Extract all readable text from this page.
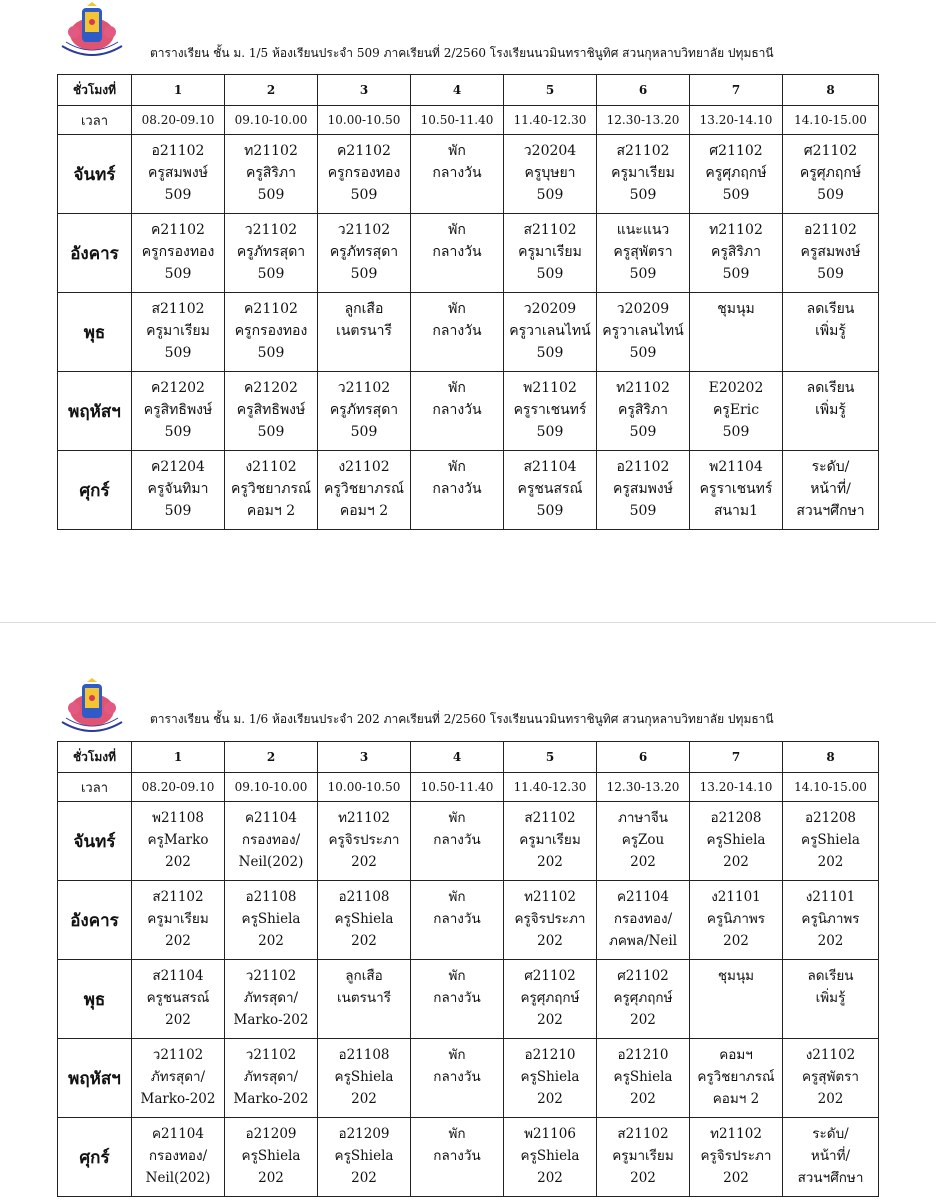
ตารางเรียน ชั้น ม. 1/5 ห้องเรียนประจำ 509 ภาคเรียนที่ 2/2560 โรงเรียนนวมินทราชินูทิศ สวนกุหลาบวิทยาลัย ปทุมธานี
ชั่วโมงที่	1	2	3	4	5	6	7	8
เวลา	08.20-09.10	09.10-10.00	10.00-10.50	10.50-11.40	11.40-12.30	12.30-13.20	13.20-14.10	14.10-15.00
จันทร์	อ21102
ครูสมพงษ์
509	ท21102
ครูสิริภา
509	ค21102
ครูกรองทอง
509	พัก
กลางวัน	ว20204
ครูบุษยา
509	ส21102
ครูมาเรียม
509	ศ21102
ครูศุภฤกษ์
509	ศ21102
ครูศุภฤกษ์
509

อังคาร	ค21102
ครูกรองทอง
509	ว21102
ครูภัทรสุดา
509	ว21102
ครูภัทรสุดา
509	พัก
กลางวัน	ส21102
ครูมาเรียม
509	แนะแนว
ครูสุพัตรา
509	ท21102
ครูสิริภา
509	อ21102
ครูสมพงษ์
509

พุธ	ส21102
ครูมาเรียม
509	ค21102
ครูกรองทอง
509	ลูกเสือ
เนตรนารี	พัก
กลางวัน	ว20209
ครูวาเลนไทน์
509	ว20209
ครูวาเลนไทน์
509	ชุมนุม	ลดเรียน
เพิ่มรู้

พฤหัสฯ	ค21202
ครูสิทธิพงษ์
509	ค21202
ครูสิทธิพงษ์
509	ว21102
ครูภัทรสุดา
509	พัก
กลางวัน	พ21102
ครูราเชนทร์
509	ท21102
ครูสิริภา
509	E20202
ครูEric
509	ลดเรียน
เพิ่มรู้

ศุกร์	ค21204
ครูจันทิมา
509	ง21102
ครูวิชยาภรณ์
คอมฯ 2	ง21102
ครูวิชยาภรณ์
คอมฯ 2	พัก
กลางวัน	ส21104
ครูชนสรณ์
509	อ21102
ครูสมพงษ์
509	พ21104
ครูราเชนทร์
สนาม1	ระดับ/
หน้าที่/
สวนฯศึกษา
ตารางเรียน ชั้น ม. 1/6 ห้องเรียนประจำ 202 ภาคเรียนที่ 2/2560 โรงเรียนนวมินทราชินูทิศ สวนกุหลาบวิทยาลัย ปทุมธานี
ชั่วโมงที่	1	2	3	4	5	6	7	8
เวลา	08.20-09.10	09.10-10.00	10.00-10.50	10.50-11.40	11.40-12.30	12.30-13.20	13.20-14.10	14.10-15.00
จันทร์	พ21108
ครูMarko
202	ค21104
กรองทอง/
Neil(202)	ท21102
ครูจิรประภา
202	พัก
กลางวัน	ส21102
ครูมาเรียม
202	ภาษาจีน
ครูZou
202	อ21208
ครูShiela
202	อ21208
ครูShiela
202

อังคาร	ส21102
ครูมาเรียม
202	อ21108
ครูShiela
202	อ21108
ครูShiela
202	พัก
กลางวัน	ท21102
ครูจิรประภา
202	ค21104
กรองทอง/
ภคพล/Neil	ง21101
ครูนิภาพร
202	ง21101
ครูนิภาพร
202

พุธ	ส21104
ครูชนสรณ์
202	ว21102
ภัทรสุดา/
Marko-202	ลูกเสือ
เนตรนารี	พัก
กลางวัน	ศ21102
ครูศุภฤกษ์
202	ศ21102
ครูศุภฤกษ์
202	ชุมนุม	ลดเรียน
เพิ่มรู้

พฤหัสฯ	ว21102
ภัทรสุดา/
Marko-202	ว21102
ภัทรสุดา/
Marko-202	อ21108
ครูShiela
202	พัก
กลางวัน	อ21210
ครูShiela
202	อ21210
ครูShiela
202	คอมฯ
ครูวิชยาภรณ์
คอมฯ 2	ง21102
ครูสุพัตรา
202

ศุกร์	ค21104
กรองทอง/
Neil(202)	อ21209
ครูShiela
202	อ21209
ครูShiela
202	พัก
กลางวัน	พ21106
ครูShiela
202	ส21102
ครูมาเรียม
202	ท21102
ครูจิรประภา
202	ระดับ/
หน้าที่/
สวนฯศึกษา
